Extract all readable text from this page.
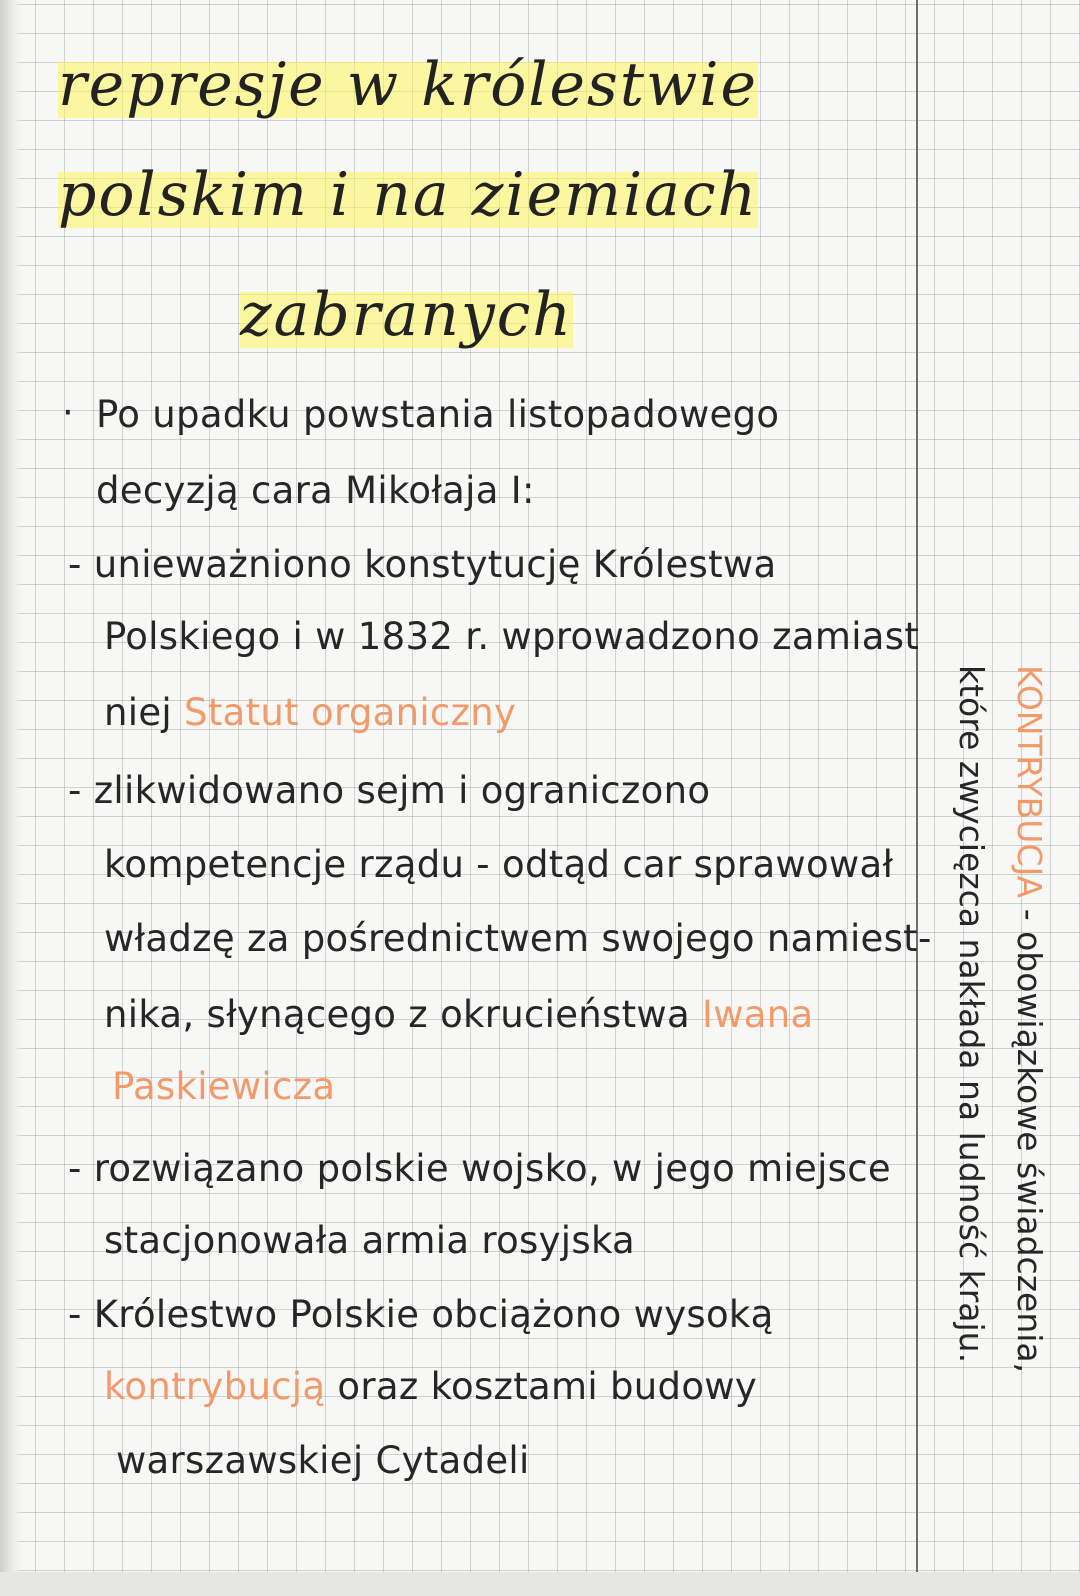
represje w królestwie
polskim i na ziemiach
zabranych
· Po upadku powstania listopadowego
decyzją cara Mikołaja I:
- unieważniono konstytucję Królestwa
Polskiego i w 1832 r. wprowadzono zamiast
niej Statut organiczny
- zlikwidowano sejm i ograniczono
kompetencje rządu - odtąd car sprawował
władzę za pośrednictwem swojego namiest-
nika, słynącego z okrucieństwa Iwana
Paskiewicza
- rozwiązano polskie wojsko, w jego miejsce
stacjonowała armia rosyjska
- Królestwo Polskie obciążono wysoką
kontrybucją oraz kosztami budowy
warszawskiej Cytadeli
KONTRYBUCJA - obowiązkowe świadczenia,
które zwycięzca nakłada na ludność kraju.
